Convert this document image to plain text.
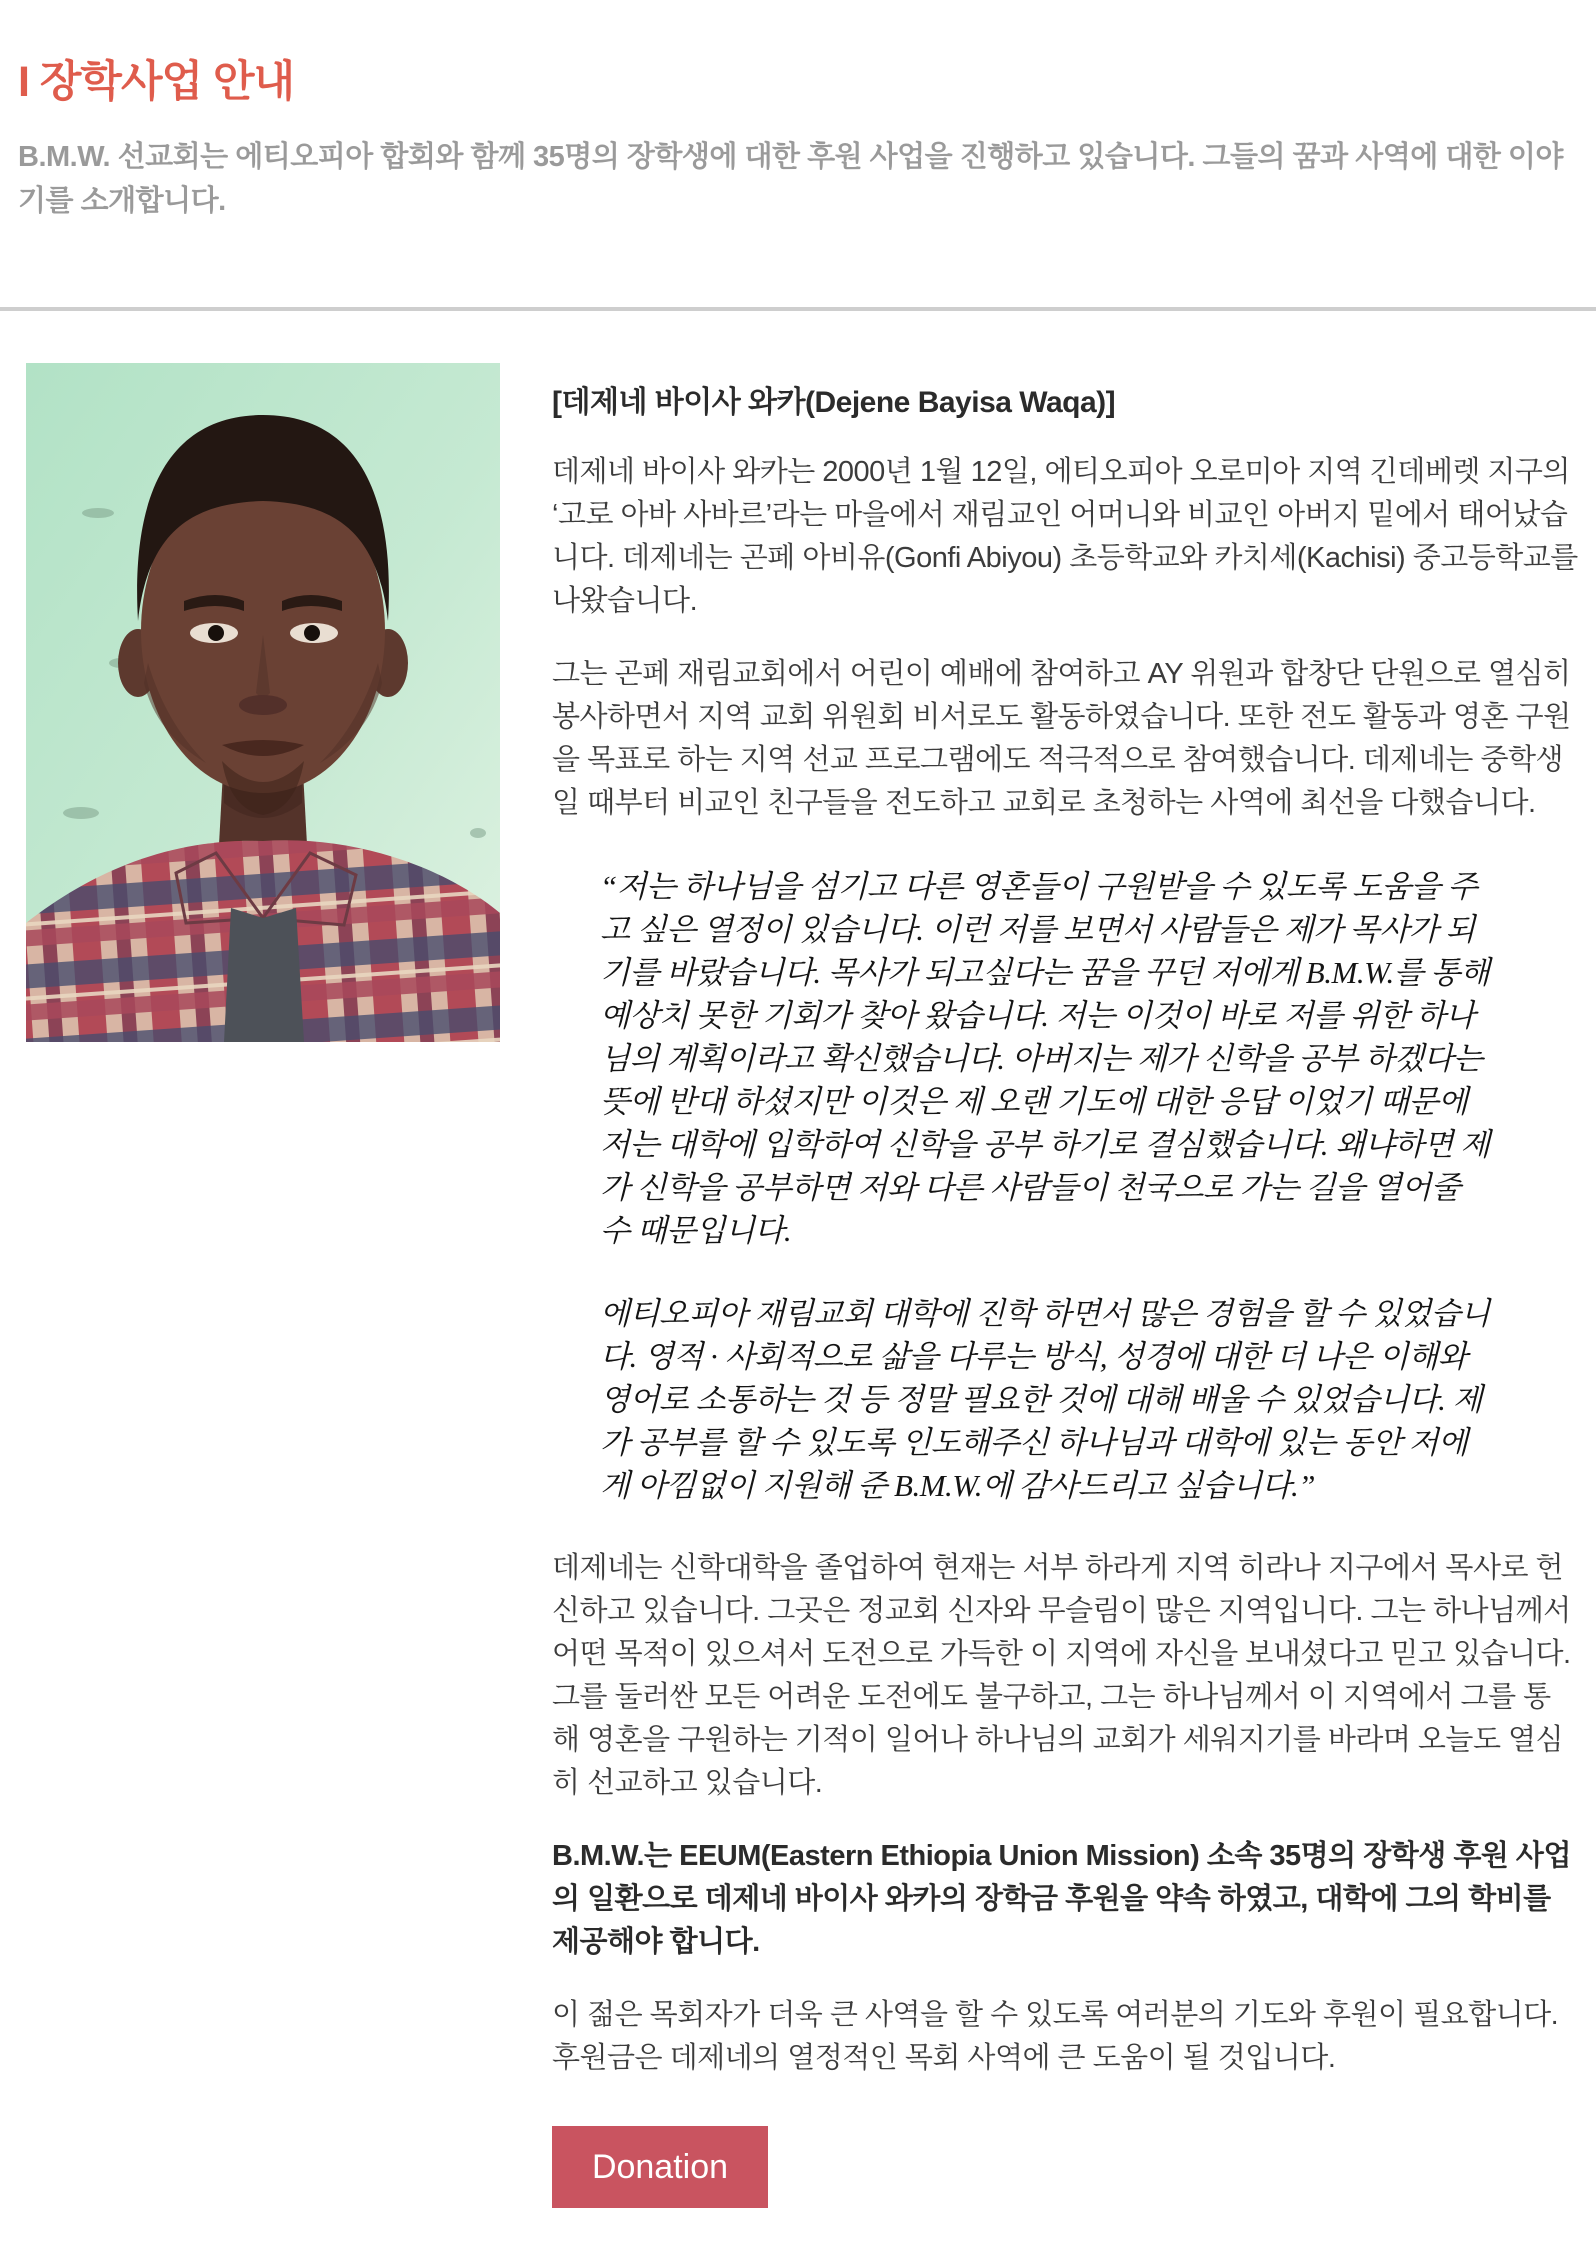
I 장학사업 안내

B.M.W. 선교회는 에티오피아 합회와 함께 35명의 장학생에 대한 후원 사업을 진행하고 있습니다. 그들의 꿈과 사역에 대한 이야기를 소개합니다.

[데제네 바이사 와카(Dejene Bayisa Waqa)]

데제네 바이사 와카는 2000년 1월 12일, 에티오피아 오로미아 지역 긴데베렛 지구의 ‘고로 아바 사바르’라는 마을에서 재림교인 어머니와 비교인 아버지 밑에서 태어났습니다. 데제네는 곤페 아비유(Gonfi Abiyou) 초등학교와 카치세(Kachisi) 중고등학교를 나왔습니다.

그는 곤페 재림교회에서 어린이 예배에 참여하고 AY 위원과 합창단 단원으로 열심히 봉사하면서 지역 교회 위원회 비서로도 활동하였습니다. 또한 전도 활동과 영혼 구원을 목표로 하는 지역 선교 프로그램에도 적극적으로 참여했습니다. 데제네는 중학생일 때부터 비교인 친구들을 전도하고 교회로 초청하는 사역에 최선을 다했습니다.

“저는 하나님을 섬기고 다른 영혼들이 구원받을 수 있도록 도움을 주고 싶은 열정이 있습니다. 이런 저를 보면서 사람들은 제가 목사가 되기를 바랐습니다. 목사가 되고싶다는 꿈을 꾸던 저에게 B.M.W.를 통해 예상치 못한 기회가 찾아 왔습니다. 저는 이것이 바로 저를 위한 하나님의 계획이라고 확신했습니다. 아버지는 제가 신학을 공부 하겠다는 뜻에 반대 하셨지만 이것은 제 오랜 기도에 대한 응답 이었기 때문에 저는 대학에 입학하여 신학을 공부 하기로 결심했습니다. 왜냐하면 제가 신학을 공부하면 저와 다른 사람들이 천국으로 가는 길을 열어줄 수 때문입니다.

에티오피아 재림교회 대학에 진학 하면서 많은 경험을 할 수 있었습니다. 영적 · 사회적으로 삶을 다루는 방식, 성경에 대한 더 나은 이해와 영어로 소통하는 것 등 정말 필요한 것에 대해 배울 수 있었습니다. 제가 공부를 할 수 있도록 인도해주신 하나님과 대학에 있는 동안 저에게 아낌없이 지원해 준 B.M.W.에 감사드리고 싶습니다.”

데제네는 신학대학을 졸업하여 현재는 서부 하라게 지역 히라나 지구에서 목사로 헌신하고 있습니다. 그곳은 정교회 신자와 무슬림이 많은 지역입니다. 그는 하나님께서 어떤 목적이 있으셔서 도전으로 가득한 이 지역에 자신을 보내셨다고 믿고 있습니다. 그를 둘러싼 모든 어려운 도전에도 불구하고, 그는 하나님께서 이 지역에서 그를 통해 영혼을 구원하는 기적이 일어나 하나님의 교회가 세워지기를 바라며 오늘도 열심히 선교하고 있습니다.

B.M.W.는 EEUM(Eastern Ethiopia Union Mission) 소속 35명의 장학생 후원 사업의 일환으로 데제네 바이사 와카의 장학금 후원을 약속 하였고, 대학에 그의 학비를 제공해야 합니다.

이 젊은 목회자가 더욱 큰 사역을 할 수 있도록 여러분의 기도와 후원이 필요합니다. 후원금은 데제네의 열정적인 목회 사역에 큰 도움이 될 것입니다.

Donation
